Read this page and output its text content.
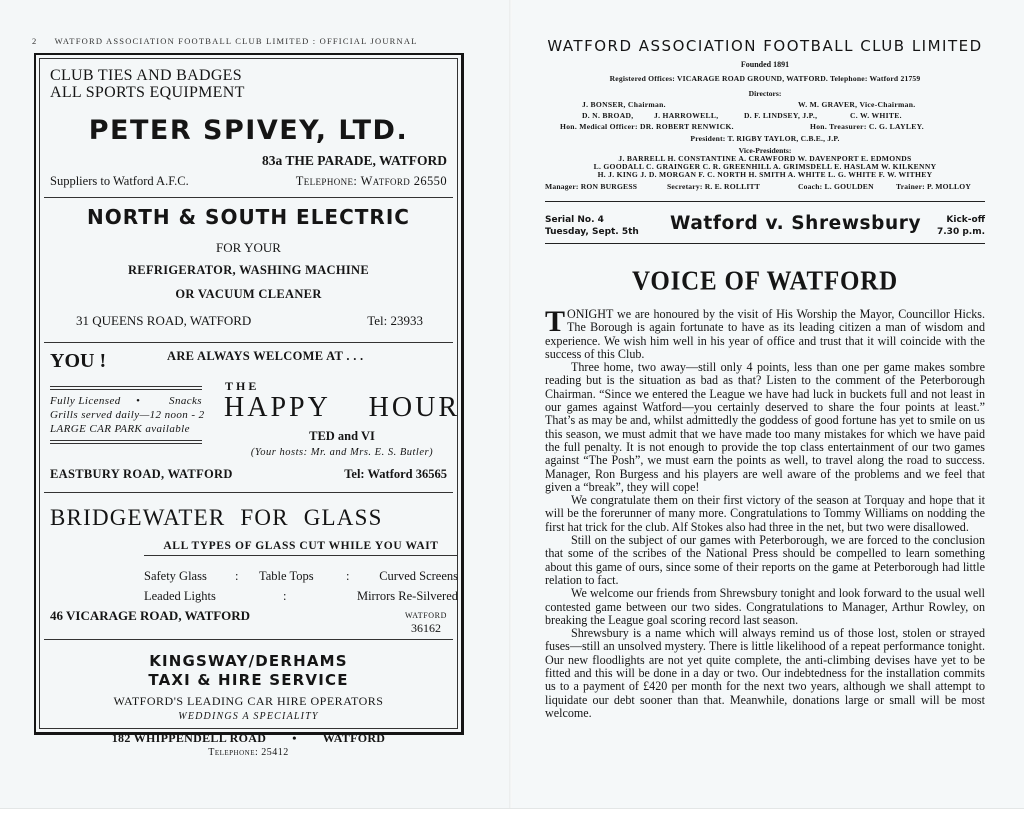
2 WATFORD ASSOCIATION FOOTBALL CLUB LIMITED : OFFICIAL JOURNAL
CLUB TIES AND BADGES
ALL SPORTS EQUIPMENT
PETER SPIVEY, LTD.
83a THE PARADE, WATFORD
Suppliers to Watford A.F.C.	Telephone: Watford 26550
NORTH & SOUTH ELECTRIC
FOR YOUR
REFRIGERATOR, WASHING MACHINE
OR VACUUM CLEANER
31 QUEENS ROAD, WATFORD	Tel: 23933
YOU !	ARE ALWAYS WELCOME AT . . .
Fully Licensed •	Snacks
Grills served daily—12 noon - 2
LARGE CAR PARK available
THE
HAPPY HOUR
TED and VI
(Your hosts: Mr. and Mrs. E. S. Butler)
EASTBURY ROAD, WATFORD	Tel: Watford 36565
BRIDGEWATER FOR GLASS
ALL TYPES OF GLASS CUT WHILE YOU WAIT
Safety Glass : Table Tops	: Curved Screens
Leaded Lights	:	Mirrors Re-Silvered
46 VICARAGE ROAD, WATFORD	WATFORD
36162
KINGSWAY/DERHAMS
TAXI & HIRE SERVICE
WATFORD'S LEADING CAR HIRE OPERATORS
WEDDINGS A SPECIALITY
182 WHIPPENDELL ROAD • WATFORD
Telephone: 25412
WATFORD ASSOCIATION FOOTBALL CLUB LIMITED
Founded 1891
Registered Offices: VICARAGE ROAD GROUND, WATFORD. Telephone: Watford 21759
Directors:
J. BONSER, Chairman.	W. M. GRAVER, Vice-Chairman.
D. N. BROAD,	J. HARROWELL,	D. F. LINDSEY, J.P.,	C. W. WHITE.
Hon. Medical Officer: DR. ROBERT RENWICK.	Hon. Treasurer: C. G. LAYLEY.
President: T. RIGBY TAYLOR, C.B.E., J.P.
Vice-Presidents:
J. BARRELL H. CONSTANTINE A. CRAWFORD W. DAVENPORT E. EDMONDS
L. GOODALL C. GRAINGER C. R. GREENHILL A. GRIMSDELL E. HASLAM W. KILKENNY
H. J. KING J. D. MORGAN F. C. NORTH H. SMITH A. WHITE L. G. WHITE F. W. WITHEY
Manager: RON BURGESS	Secretary: R. E. ROLLITT	Coach: L. GOULDEN	Trainer: P. MOLLOY
Serial No. 4
Tuesday, Sept. 5th Watford v. Shrewsbury	Kick-off
7.30 p.m.
VOICE OF WATFORD

TONIGHT we are honoured by the visit of His Worship the Mayor, Councillor Hicks. The Borough is again fortunate to have as its leading citizen a man of wisdom and experience. We wish him well in his year of office and trust that it will coincide with the success of this Club.

Three home, two away—still only 4 points, less than one per game makes sombre reading but is the situation as bad as that? Listen to the comment of the Peterborough Chairman. “Since we entered the League we have had luck in buckets full and not least in our games against Watford—you certainly deserved to share the four points at least.” That’s as may be and, whilst admittedly the goddess of good fortune has yet to smile on us this season, we must admit that we have made too many mistakes for which we have paid the full penalty. It is not enough to provide the top class entertainment of our two games against “The Posh”, we must earn the points as well, to travel along the road to success. Manager, Ron Burgess and his players are well aware of the problems and we feel that given a “break”, they will cope!

We congratulate them on their first victory of the season at Torquay and hope that it will be the forerunner of many more. Congratulations to Tommy Williams on nodding the first hat trick for the club. Alf Stokes also had three in the net, but two were disallowed.

Still on the subject of our games with Peterborough, we are forced to the conclusion that some of the scribes of the National Press should be compelled to learn something about this game of ours, since some of their reports on the game at Peterborough had little relation to fact.

We welcome our friends from Shrewsbury tonight and look forward to the usual well contested game between our two sides. Congratulations to Manager, Arthur Rowley, on breaking the League goal scoring record last season.

Shrewsbury is a name which will always remind us of those lost, stolen or strayed fuses—still an unsolved mystery. There is little likelihood of a repeat performance tonight. Our new floodlights are not yet quite complete, the anti-climbing devises have yet to be fitted and this will be done in a day or two. Our indebtedness for the installation commits us to a payment of £420 per month for the next two years, although we shall attempt to liquidate our debt sooner than that. Meanwhile, donations large or small will be most welcome.
